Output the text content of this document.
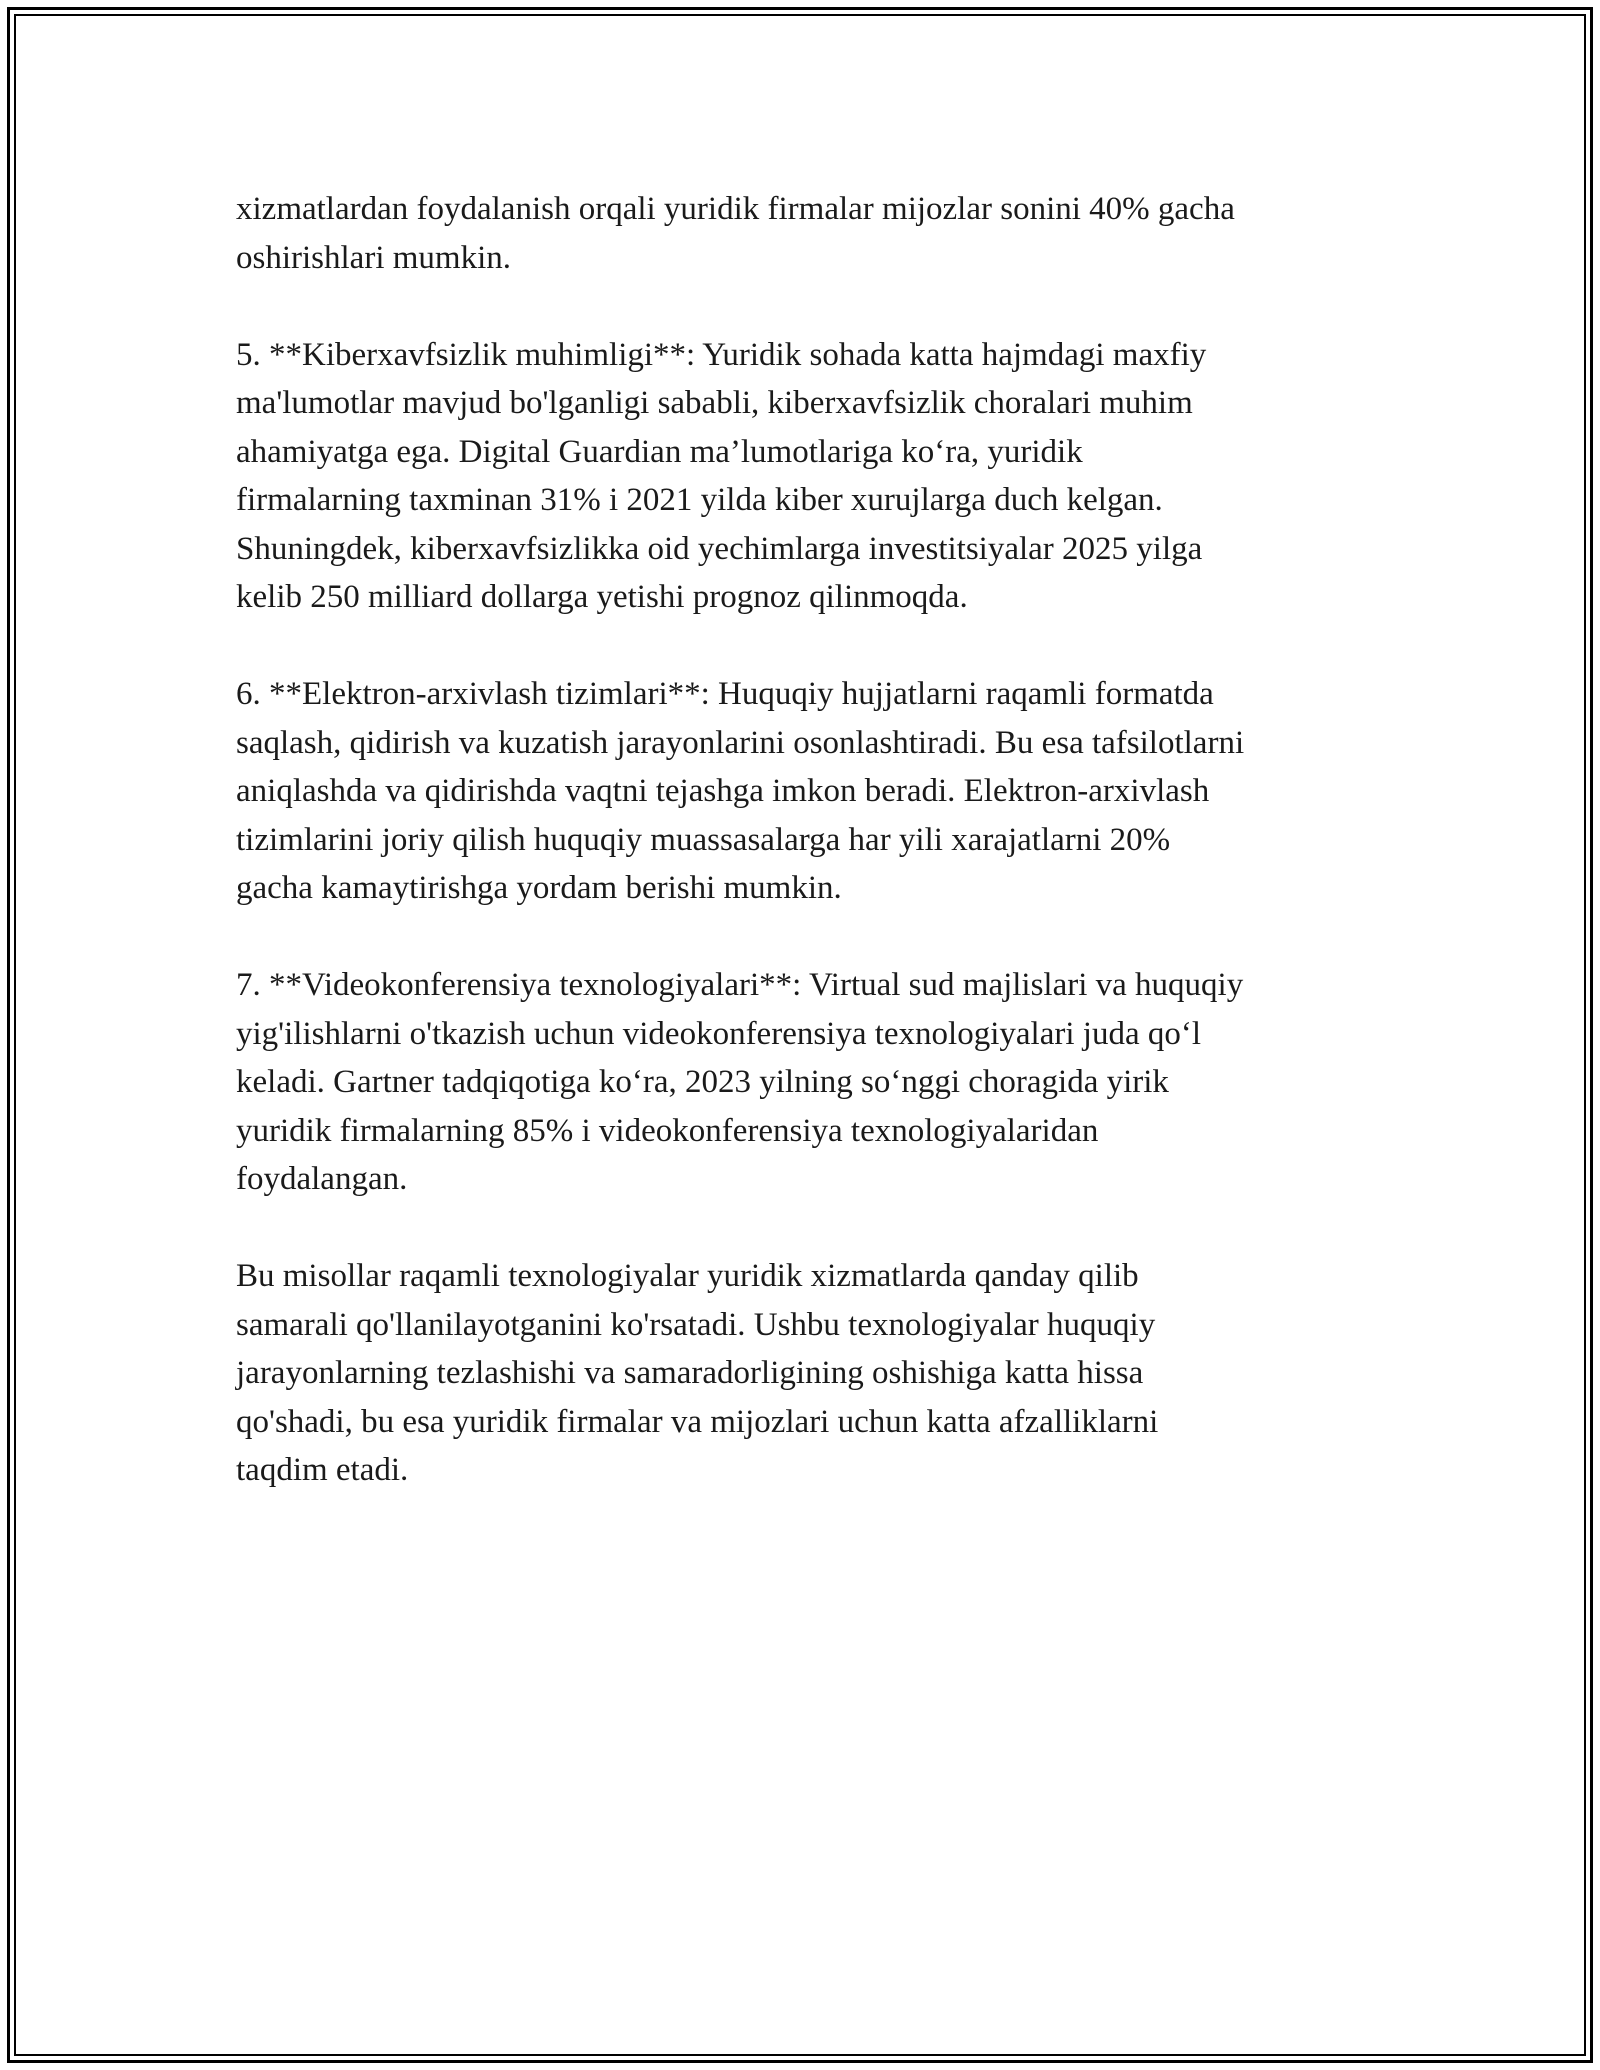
xizmatlardan foydalanish orqali yuridik firmalar mijozlar sonini 40% gacha
oshirishlari mumkin.

5. **Kiberxavfsizlik muhimligi**: Yuridik sohada katta hajmdagi maxfiy
ma'lumotlar mavjud bo'lganligi sababli, kiberxavfsizlik choralari muhim
ahamiyatga ega. Digital Guardian ma’lumotlariga ko‘ra, yuridik
firmalarning taxminan 31% i 2021 yilda kiber xurujlarga duch kelgan.
Shuningdek, kiberxavfsizlikka oid yechimlarga investitsiyalar 2025 yilga
kelib 250 milliard dollarga yetishi prognoz qilinmoqda.

6. **Elektron-arxivlash tizimlari**: Huquqiy hujjatlarni raqamli formatda
saqlash, qidirish va kuzatish jarayonlarini osonlashtiradi. Bu esa tafsilotlarni
aniqlashda va qidirishda vaqtni tejashga imkon beradi. Elektron-arxivlash
tizimlarini joriy qilish huquqiy muassasalarga har yili xarajatlarni 20%
gacha kamaytirishga yordam berishi mumkin.

7. **Videokonferensiya texnologiyalari**: Virtual sud majlislari va huquqiy
yig'ilishlarni o'tkazish uchun videokonferensiya texnologiyalari juda qo‘l
keladi. Gartner tadqiqotiga ko‘ra, 2023 yilning so‘nggi choragida yirik
yuridik firmalarning 85% i videokonferensiya texnologiyalaridan
foydalangan.

Bu misollar raqamli texnologiyalar yuridik xizmatlarda qanday qilib
samarali qo'llanilayotganini ko'rsatadi. Ushbu texnologiyalar huquqiy
jarayonlarning tezlashishi va samaradorligining oshishiga katta hissa
qo'shadi, bu esa yuridik firmalar va mijozlari uchun katta afzalliklarni
taqdim etadi.
